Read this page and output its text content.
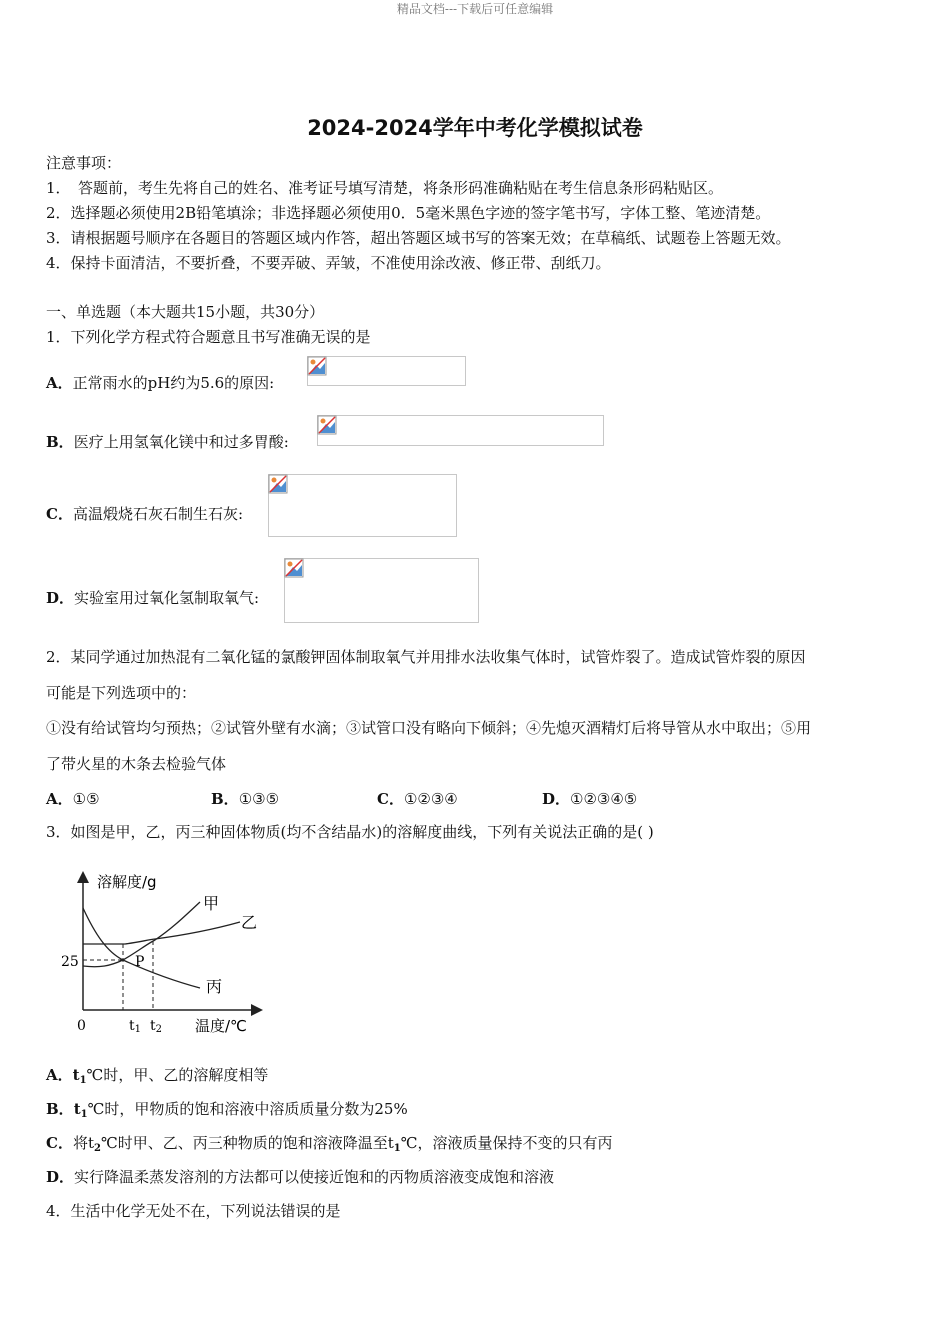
精品文档---下载后可任意编辑
2024-2024学年中考化学模拟试卷
注意事项：
1．　答题前，考生先将自己的姓名、准考证号填写清楚，将条形码准确粘贴在考生信息条形码粘贴区。
2．选择题必须使用2B铅笔填涂；非选择题必须使用0．5毫米黑色字迹的签字笔书写，字体工整、笔迹清楚。
3．请根据题号顺序在各题目的答题区域内作答，超出答题区域书写的答案无效；在草稿纸、试题卷上答题无效。
4．保持卡面清洁，不要折叠，不要弄破、弄皱，不准使用涂改液、修正带、刮纸刀。
一、单选题（本大题共15小题，共30分）
1．下列化学方程式符合题意且书写准确无误的是
A．正常雨水的pH约为5.6的原因:
B．医疗上用氢氧化镁中和过多胃酸:
C．高温煅烧石灰石制生石灰:
D．实验室用过氧化氢制取氧气:
2．某同学通过加热混有二氧化锰的氯酸钾固体制取氧气并用排水法收集气体时，试管炸裂了。造成试管炸裂的原因
可能是下列选项中的：
①没有给试管均匀预热；②试管外壁有水滴；③试管口没有略向下倾斜；④先熄灭酒精灯后将导管从水中取出；⑤用
了带火星的木条去检验气体
A．①⑤	B．①③⑤	C．①②③④	D．①②③④⑤
3．如图是甲，乙，丙三种固体物质(均不含结晶水)的溶解度曲线，下列有关说法正确的是( )
溶解度/g
温度/℃
0
25
t1 t2
P
甲
乙
丙
A．$t_1℃$时，甲、乙的溶解度相等
B．$t_1℃$时，甲物质的饱和溶液中溶质质量分数为25%
C．将$t_2℃$时甲、乙、丙三种物质的饱和溶液降温至$t_1℃$，溶液质量保持不变的只有丙
D．实行降温柔蒸发溶剂的方法都可以使接近饱和的丙物质溶液变成饱和溶液
4．生活中化学无处不在，下列说法错误的是
